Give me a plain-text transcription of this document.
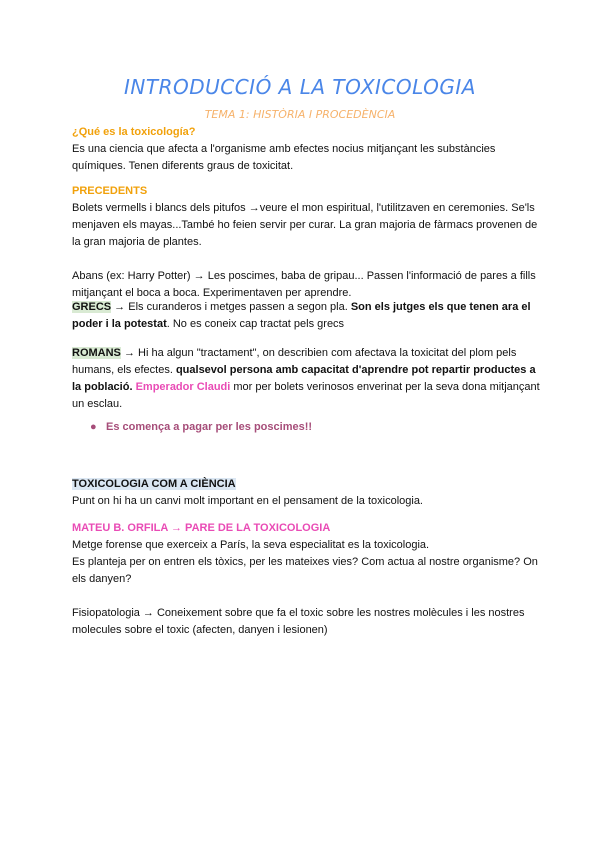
INTRODUCCIÓ A LA TOXICOLOGIA
TEMA 1: HISTÒRIA I PROCEDÈNCIA
¿Qué es la toxicología?
Es una ciencia que afecta a l'organisme amb efectes nocius mitjançant les substàncies químiques. Tenen diferents graus de toxicitat.
PRECEDENTS
Bolets vermells i blancs dels pitufos →veure el mon espiritual, l'utilitzaven en ceremonies. Se'ls menjaven els mayas...També ho feien servir per curar. La gran majoria de fàrmacs provenen de la gran majoria de plantes.
Abans (ex: Harry Potter) → Les poscimes, baba de gripau... Passen l'informació de pares a fills mitjançant el boca a boca. Experimentaven per aprendre.
GRECS → Els curanderos i metges passen a segon pla. Son els jutges els que tenen ara el poder i la potestat. No es coneix cap tractat pels grecs
ROMANS → Hi ha algun "tractament", on describien com afectava la toxicitat del plom pels humans, els efectes. qualsevol persona amb capacitat d'aprendre pot repartir productes a la població. Emperador Claudi mor per bolets verinosos enverinat per la seva dona mitjançant un esclau.
● Es comença a pagar per les poscimes!!
TOXICOLOGIA COM A CIÈNCIA
Punt on hi ha un canvi molt important en el pensament de la toxicologia.
MATEU B. ORFILA → PARE DE LA TOXICOLOGIA
Metge forense que exerceix a París, la seva especialitat es la toxicologia.
Es planteja per on entren els tòxics, per les mateixes vies? Com actua al nostre organisme? On els danyen?
Fisiopatologia → Coneixement sobre que fa el toxic sobre les nostres molècules i les nostres molecules sobre el toxic (afecten, danyen i lesionen)
